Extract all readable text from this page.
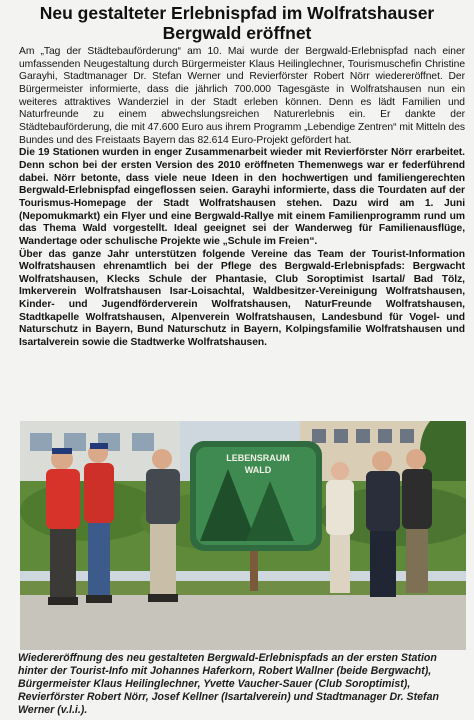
Neu gestalteter Erlebnispfad im Wolfratshauser
Bergwald eröffnet

Am „Tag der Städtebauförderung“ am 10. Mai wurde der Bergwald-Erlebnispfad nach einer umfassenden Neugestaltung durch Bürgermeister Klaus Heilinglechner, Tourismuschefin Christine Garayhi, Stadtmanager Dr. Stefan Werner und Revierförster Robert Nörr wiedereröffnet. Der Bürgermeister informierte, dass die jährlich 700.000 Tagesgäste in Wolfratshausen nun ein weiteres attraktives Wanderziel in der Stadt erleben können. Denn es lädt Familien und Naturfreunde zu einem abwechslungsreichen Naturerlebnis ein. Er dankte der Städtebauförderung, die mit 47.600 Euro aus ihrem Programm „Lebendige Zentren“ mit Mitteln des Bundes und des Freistaats Bayern das 82.614 Euro-Projekt gefördert hat.

Die 19 Stationen wurden in enger Zusammenarbeit wieder mit Revierförster Nörr erarbeitet. Denn schon bei der ersten Version des 2010 eröffneten Themenwegs war er federführend dabei. Nörr betonte, dass viele neue Ideen in den hochwertigen und familiengerechten Bergwald-Erlebnispfad eingeflossen seien. Garayhi informierte, dass die Tourdaten auf der Tourismus-Homepage der Stadt Wolfratshausen stehen. Dazu wird am 1. Juni (Nepomukmarkt) ein Flyer und eine Bergwald-Rallye mit einem Familienprogramm rund um das Thema Wald vorgestellt. Ideal geeignet sei der Wanderweg für Familienausflüge, Wandertage oder schulische Projekte wie „Schule im Freien“.

Über das ganze Jahr unterstützen folgende Vereine das Team der Tourist-Information Wolfratshausen ehrenamtlich bei der Pflege des Bergwald-Erlebnispfads: Bergwacht Wolfratshausen, Klecks Schule der Phantasie, Club Soroptimist Isartal/ Bad Tölz, Imkerverein Wolfratshausen Isar-Loisachtal, Waldbesitzer-Vereinigung Wolfratshausen, Kinder- und Jugendförderverein Wolfratshausen, NaturFreunde Wolfratshausen, Stadtkapelle Wolfratshausen, Alpenverein Wolfratshausen, Landesbund für Vogel- und Naturschutz in Bayern, Bund Naturschutz in Bayern, Kolpingsfamilie Wolfratshausen und Isartalverein sowie die Stadtwerke Wolfratshausen.

LEBENSRAUM
WALD
Wiedereröffnung des neu gestalteten Bergwald-Erlebnispfads an der ersten Station hinter der Tourist-Info mit Johannes Haferkorn, Robert Wallner (beide Bergwacht), Bürgermeister Klaus Heilinglechner, Yvette Vaucher-Sauer (Club Soroptimist), Revierförster Robert Nörr, Josef Kellner (Isartalverein) und Stadtmanager Dr. Stefan Werner (v.l.i.).
